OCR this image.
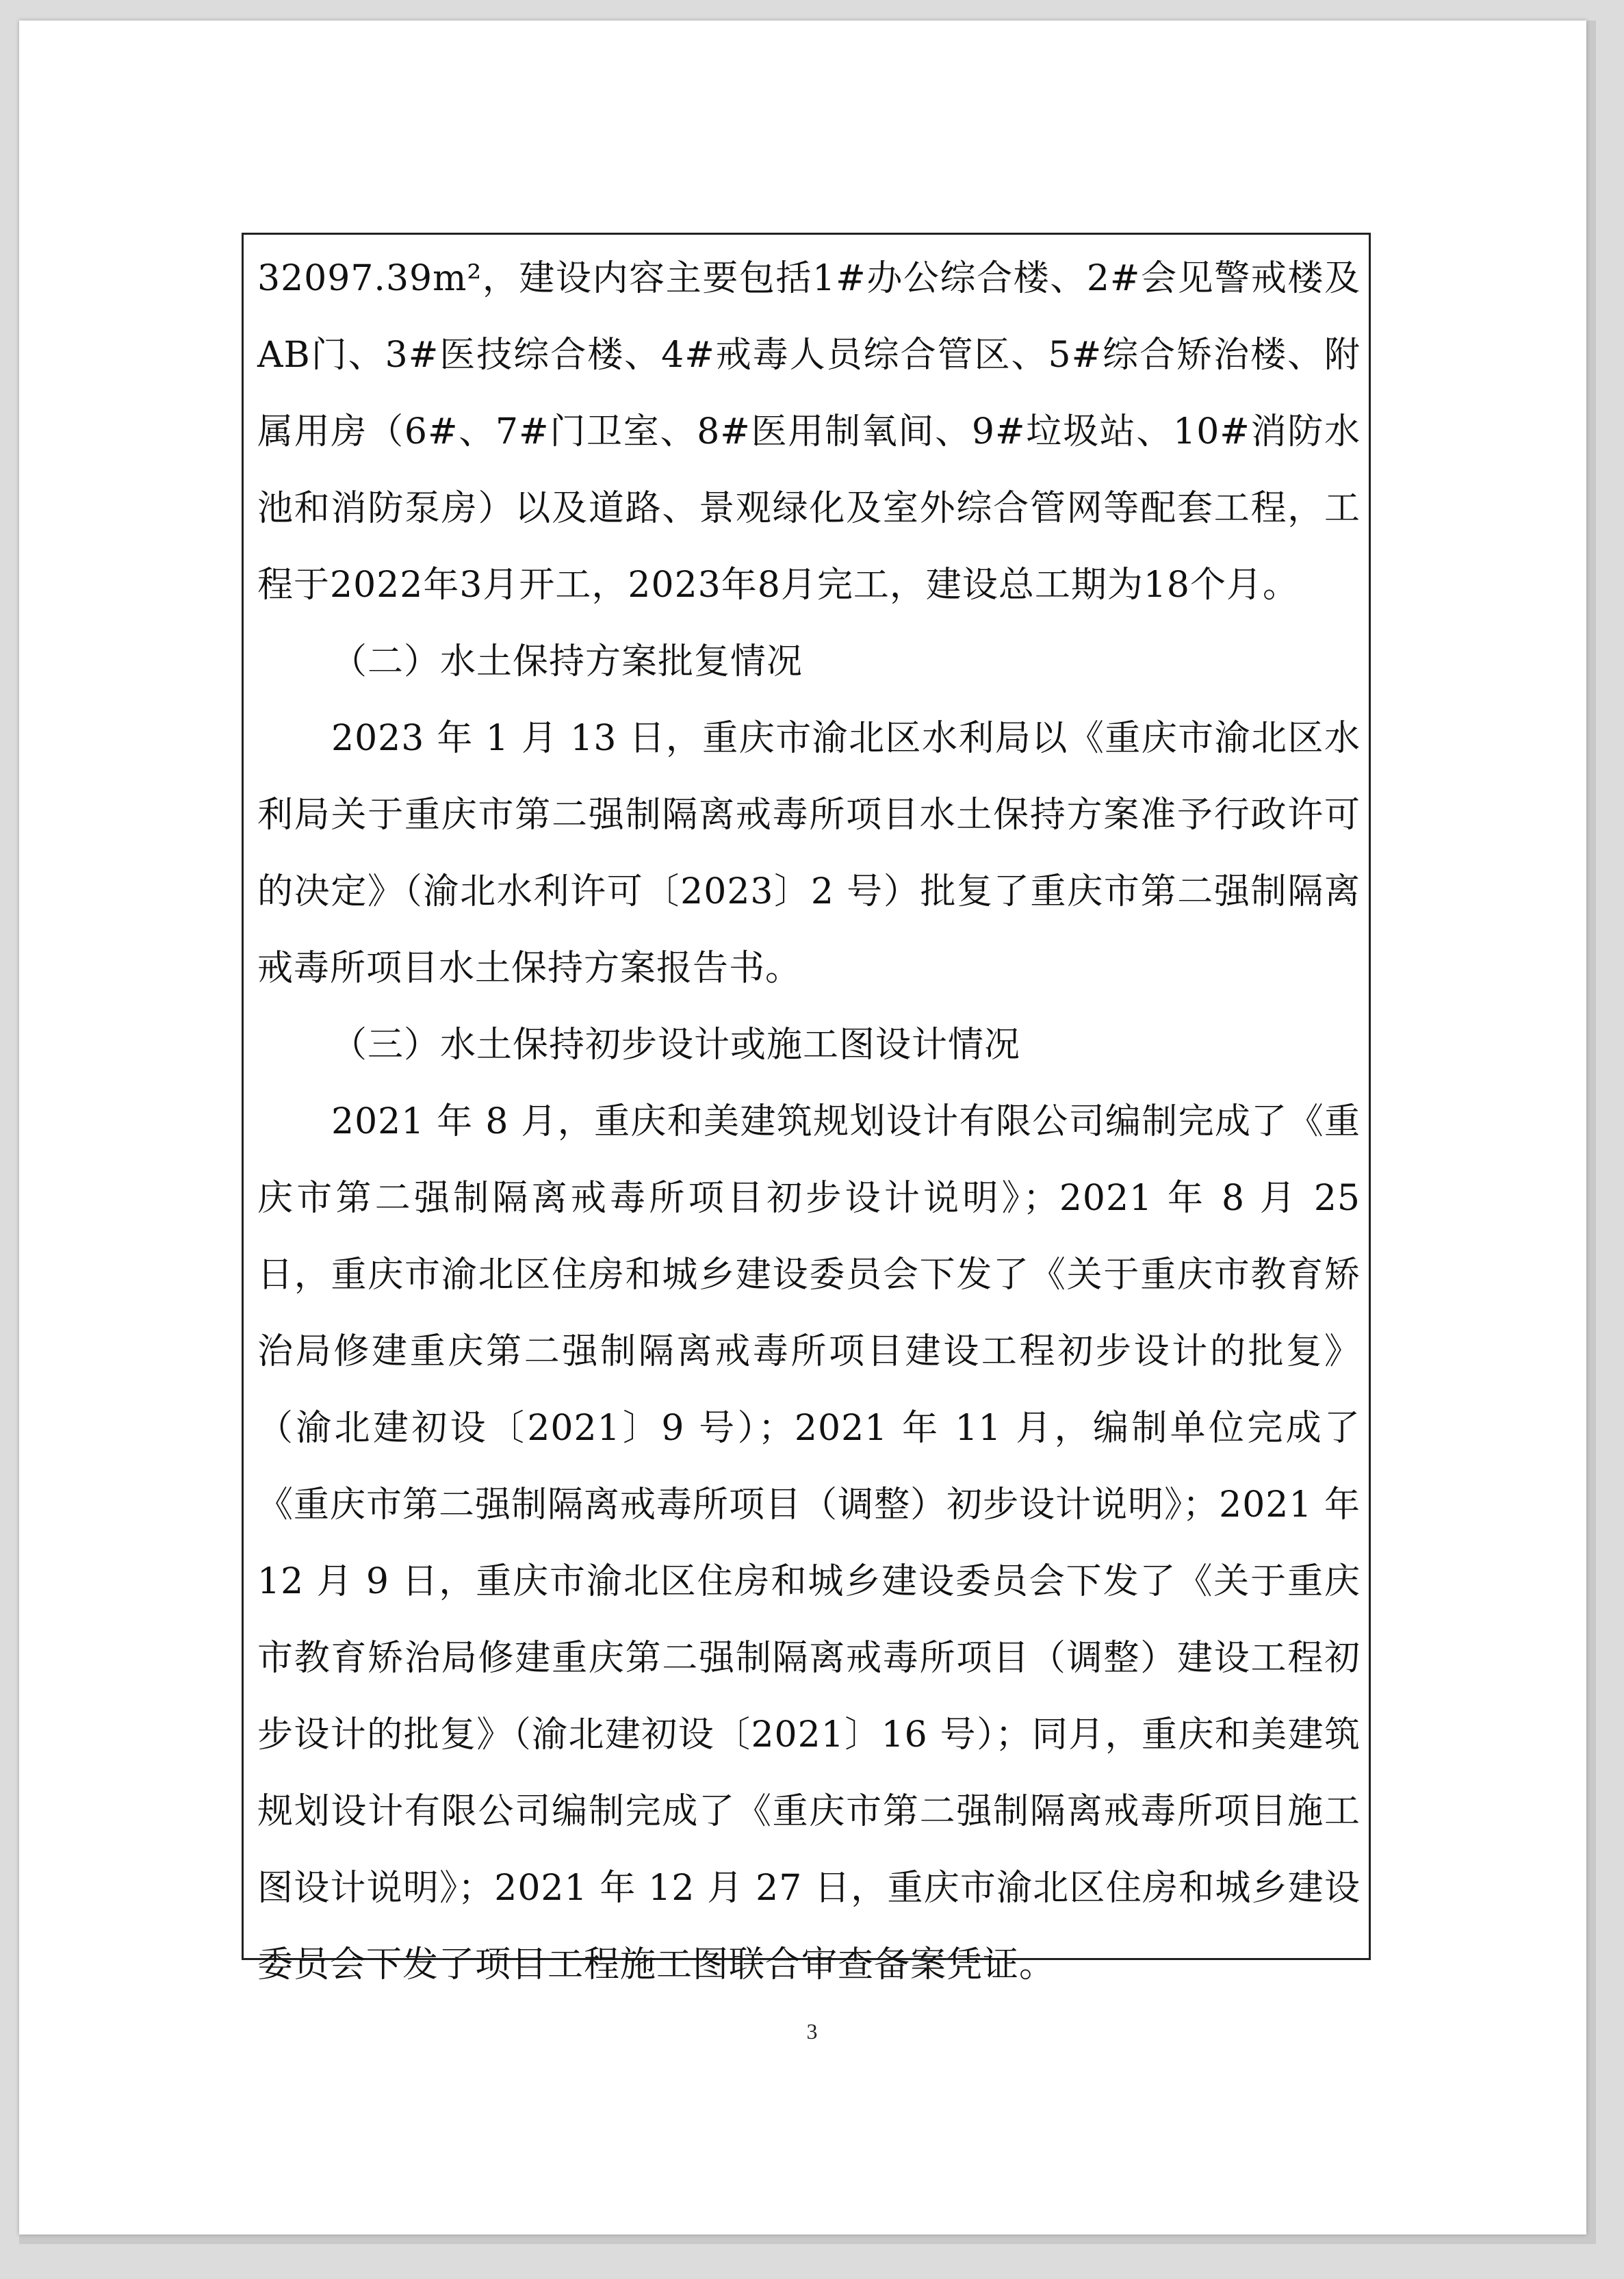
32097.39m²，建设内容主要包括1#办公综合楼、2#会见警戒楼及AB门、3#医技综合楼、4#戒毒人员综合管区、5#综合矫治楼、附属用房（6#、7#门卫室、8#医用制氧间、9#垃圾站、10#消防水池和消防泵房）以及道路、景观绿化及室外综合管网等配套工程，工程于2022年3月开工，2023年8月完工，建设总工期为18个月。

（二）水土保持方案批复情况

2023 年 1 月 13 日，重庆市渝北区水利局以《重庆市渝北区水利局关于重庆市第二强制隔离戒毒所项目水土保持方案准予行政许可的决定》（渝北水利许可〔2023〕2 号）批复了重庆市第二强制隔离戒毒所项目水土保持方案报告书。

（三）水土保持初步设计或施工图设计情况

2021 年 8 月，重庆和美建筑规划设计有限公司编制完成了《重庆市第二强制隔离戒毒所项目初步设计说明》；2021 年 8 月 25 日，重庆市渝北区住房和城乡建设委员会下发了《关于重庆市教育矫治局修建重庆第二强制隔离戒毒所项目建设工程初步设计的批复》（渝北建初设〔2021〕9 号）；2021 年 11 月，编制单位完成了《重庆市第二强制隔离戒毒所项目（调整）初步设计说明》；2021 年 12 月 9 日，重庆市渝北区住房和城乡建设委员会下发了《关于重庆市教育矫治局修建重庆第二强制隔离戒毒所项目（调整）建设工程初步设计的批复》（渝北建初设〔2021〕16 号）；同月，重庆和美建筑规划设计有限公司编制完成了《重庆市第二强制隔离戒毒所项目施工图设计说明》；2021 年 12 月 27 日，重庆市渝北区住房和城乡建设委员会下发了项目工程施工图联合审查备案凭证。

3
